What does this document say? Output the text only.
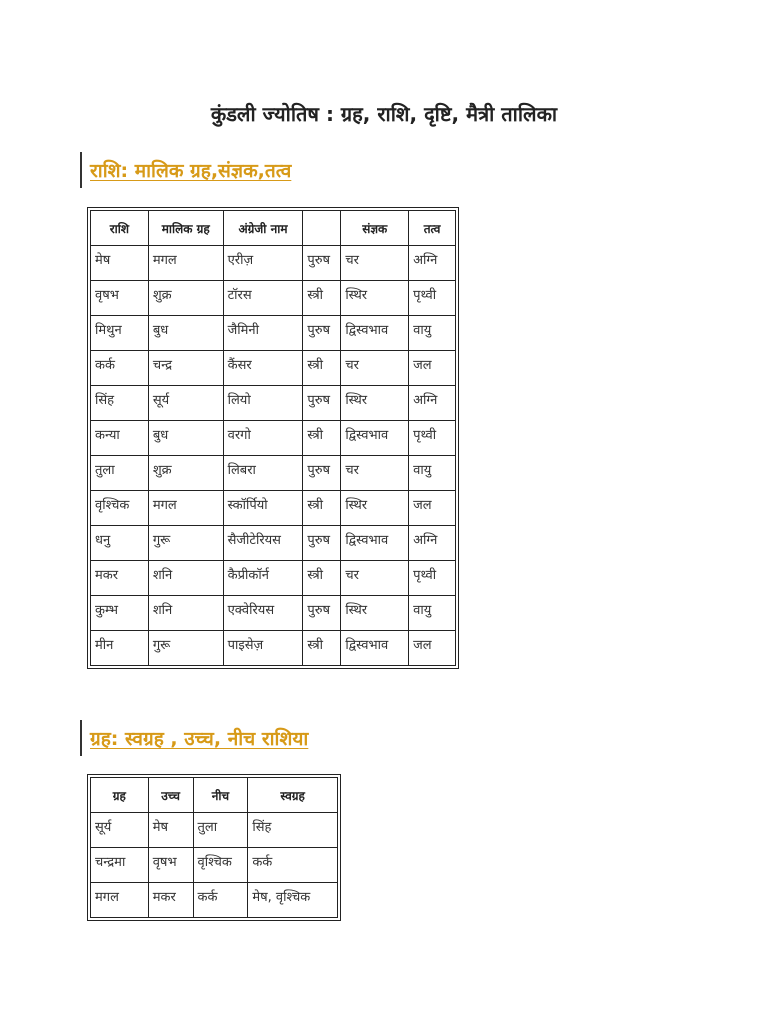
कुंडली ज्योतिष : ग्रह, राशि, दृष्टि, मैत्री तालिका
राशि: मालिक ग्रह,संज्ञक,तत्व
राशि	मालिक ग्रह	अंग्रेजी नाम		संज्ञक	तत्व
मेष	मगल	एरीज़	पुरुष	चर	अग्नि
वृषभ	शुक्र	टॉरस	स्त्री	स्थिर	पृथ्वी
मिथुन	बुध	जैमिनी	पुरुष	द्विस्वभाव	वायु
कर्क	चन्द्र	कैंसर	स्त्री	चर	जल
सिंह	सूर्य	लियो	पुरुष	स्थिर	अग्नि
कन्या	बुध	वरगो	स्त्री	द्विस्वभाव	पृथ्वी
तुला	शुक्र	लिबरा	पुरुष	चर	वायु
वृश्चिक	मगल	स्कॉर्पियो	स्त्री	स्थिर	जल
धनु	गुरू	सैजीटेरियस	पुरुष	द्विस्वभाव	अग्नि
मकर	शनि	कैप्रीकॉर्न	स्त्री	चर	पृथ्वी
कुम्भ	शनि	एक्वेरियस	पुरुष	स्थिर	वायु
मीन	गुरू	पाइसेज़	स्त्री	द्विस्वभाव	जल
ग्रह: स्वग्रह , उच्च, नीच राशिया
ग्रह	उच्च	नीच	स्वग्रह
सूर्य	मेष	तुला	सिंह
चन्द्रमा	वृषभ	वृश्चिक	कर्क
मगल	मकर	कर्क	मेष, वृश्चिक
